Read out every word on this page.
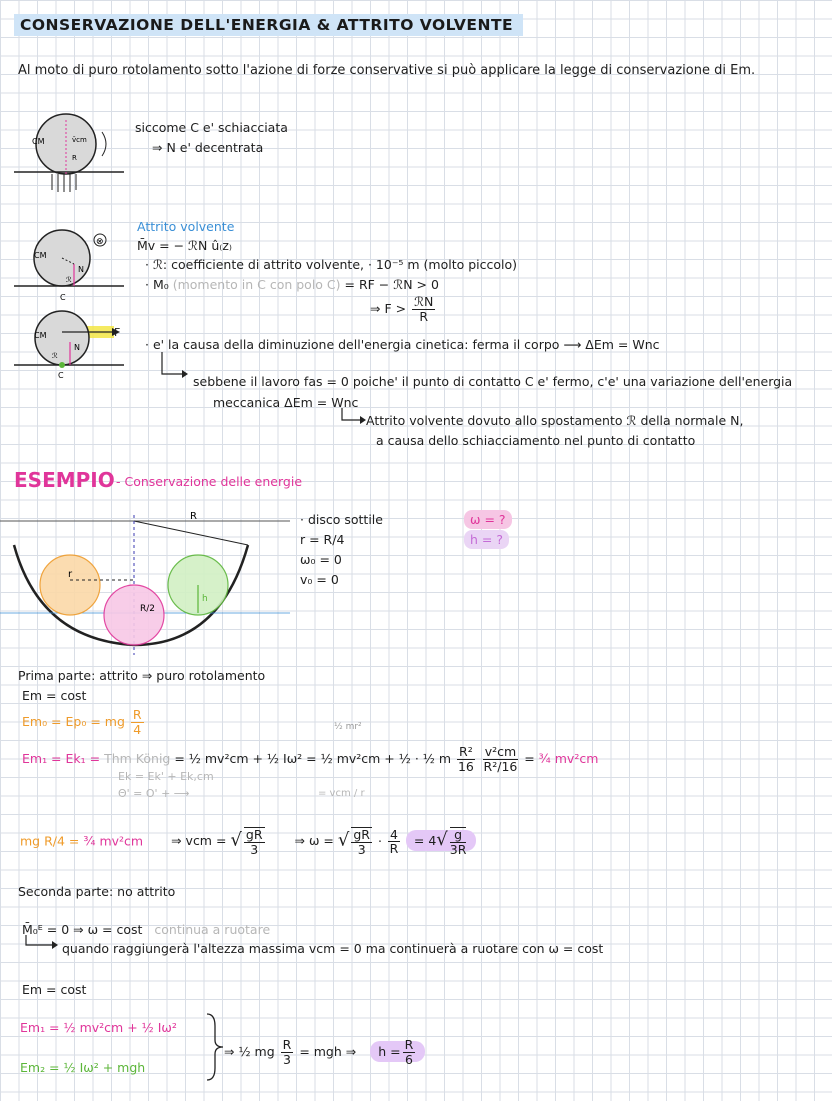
CONSERVAZIONE DELL'ENERGIA & ATTRITO VOLVENTE
Al moto di puro rotolamento sotto l'azione di forze conservative si può applicare la legge di conservazione di Em.
CM	v̄cm
R
siccome C e' schiacciata
⇒ N e' decentrata
⊗
CM
N
ℛ
C
Attrito volvente
M̄v = − ℛN û₍z₎
· ℛ: coefficiente di attrito volvente, · 10⁻⁵ m (molto piccolo)
· M₀ (momento in C con polo C) = RF − ℛN > 0
⇒ $F > \frac{\text{ℛN}}{R}$
CM
N
ℛ
C
F
· e' la causa della diminuzione dell'energia cinetica: ferma il corpo ⟶ ΔEm = Wnc
sebbene il lavoro fas = 0 poiche' il punto di contatto C e' fermo, c'e' una variazione dell'energia
meccanica ΔEm = Wnc
Attrito volvente dovuto allo spostamento ℛ della normale N,
a causa dello schiacciamento nel punto di contatto
ESEMPIO - Conservazione delle energie
R
r
R/2
h
· disco sottile
r = R/4
ω₀ = 0
v₀ = 0
ω = ?
h = ?
Prima parte: attrito ⇒ puro rotolamento
Em = cost
Em₀ = Ep₀ = mg $\frac{R}{4}$	½ mr²
Em₁ = Ek₁ = Thm König = ½ mv²cm + ½ Iω² = ½ mv²cm + ½ · ½ m $\frac{\text{R²}}{16}$
$\frac{\text{v²cm}}{\text{R²/16}}$ = ¾ mv²cm
Ek = Ek' + Ek,cm
Θ' = O' + ⟶	= vcm / r
mg R/4 = ¾ mv²cm ⇒ vcm = √ $\frac{gR}{3}$ ⇒ ω = √ $\frac{gR}{3} \cdot \frac{4}{R} = 4√ \frac{g}{3R}$
Seconda parte: no attrito
M̄₀ᴱ = 0 ⇒ ω = cost continua a ruotare
quando raggiungerà l'altezza massima vcm = 0 ma continuerà a ruotare con ω = cost
Em = cost
Em₁ = ½ mv²cm + ½ Iω²
Em₂ = ½ Iω² + mgh
⇒ ½ mg $\frac{R}{3}$ = mgh ⇒ $h = \frac{R}{6}$
